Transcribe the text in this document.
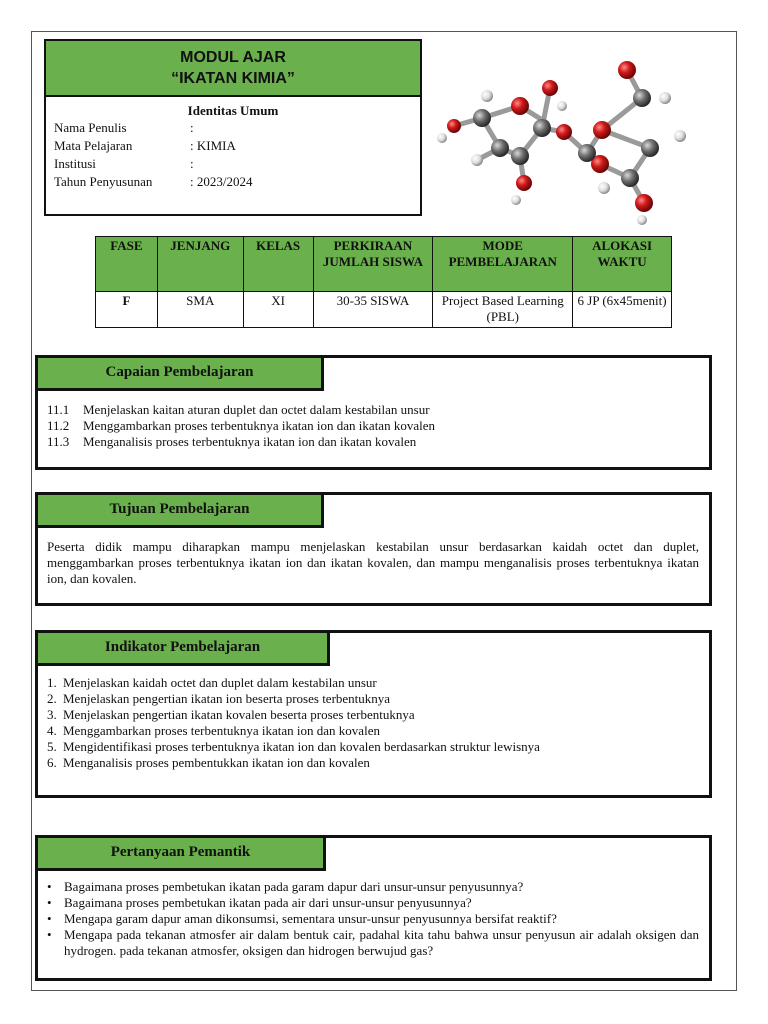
MODUL AJAR
“IKATAN KIMIA”
Identitas Umum
Nama Penulis	:
Mata Pelajaran	: KIMIA
Institusi	:
Tahun Penyusunan	: 2023/2024
FASE	JENJANG	KELAS	PERKIRAAN JUMLAH SISWA	MODE PEMBELAJARAN	ALOKASI WAKTU
F	SMA	XI	30-35 SISWA	Project Based Learning (PBL)	6 JP (6x45menit)
Capaian Pembelajaran
11.1	Menjelaskan kaitan aturan duplet dan octet dalam kestabilan unsur
11.2	Menggambarkan proses terbentuknya ikatan ion dan ikatan kovalen
11.3	Menganalisis proses terbentuknya ikatan ion dan ikatan kovalen
Tujuan Pembelajaran

Peserta didik mampu diharapkan mampu menjelaskan kestabilan unsur berdasarkan kaidah octet dan duplet, menggambarkan proses terbentuknya ikatan ion dan ikatan kovalen, dan mampu menganalisis proses terbentuknya ikatan ion, dan kovalen.

Indikator Pembelajaran
1. Menjelaskan kaidah octet dan duplet dalam kestabilan unsur
2. Menjelaskan pengertian ikatan ion beserta proses terbentuknya
3. Menjelaskan pengertian ikatan kovalen beserta proses terbentuknya
4. Menggambarkan proses terbentuknya ikatan ion dan kovalen
5. Mengidentifikasi proses terbentuknya ikatan ion dan kovalen berdasarkan struktur lewisnya
6. Menganalisis proses pembentukkan ikatan ion dan kovalen
Pertanyaan Pemantik
• Bagaimana proses pembetukan ikatan pada garam dapur dari unsur-unsur penyusunnya?
• Bagaimana proses pembetukan ikatan pada air dari unsur-unsur penyusunnya?
• Mengapa garam dapur aman dikonsumsi, sementara unsur-unsur penyusunnya bersifat reaktif?
• Mengapa pada tekanan atmosfer air dalam bentuk cair, padahal kita tahu bahwa unsur penyusun air adalah oksigen dan hydrogen. pada tekanan atmosfer, oksigen dan hidrogen berwujud gas?
